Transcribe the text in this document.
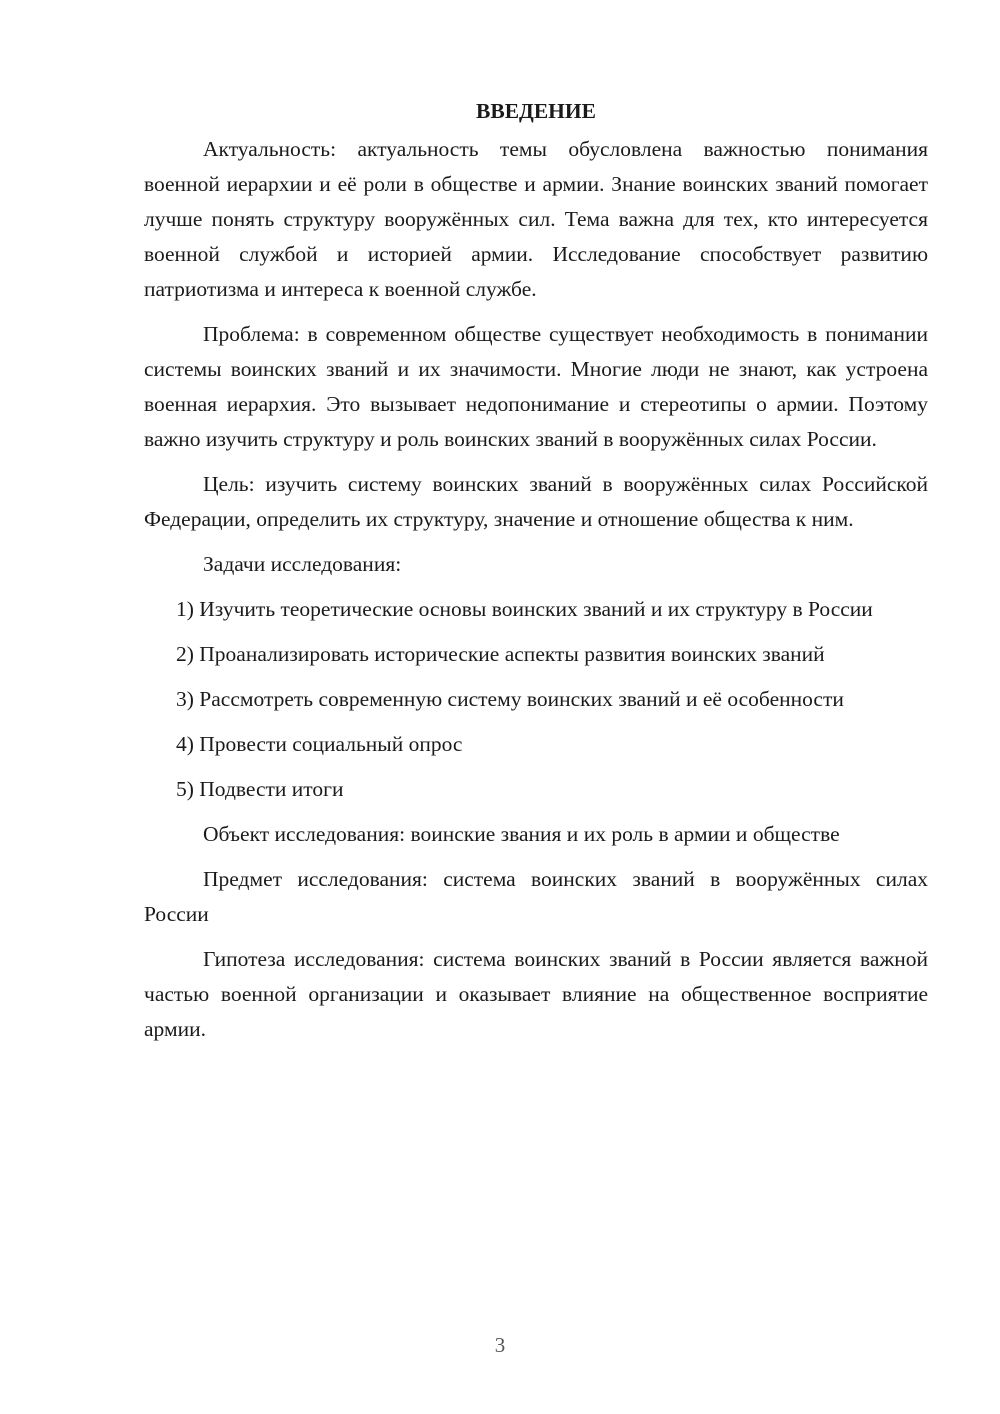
ВВЕДЕНИЕ

Актуальность: актуальность темы обусловлена важностью понимания военной иерархии и её роли в обществе и армии. Знание воинских званий помогает лучше понять структуру вооружённых сил. Тема важна для тех, кто интересуется военной службой и историей армии. Исследование способствует развитию патриотизма и интереса к военной службе.

Проблема: в современном обществе существует необходимость в понимании системы воинских званий и их значимости. Многие люди не знают, как устроена военная иерархия. Это вызывает недопонимание и стереотипы о армии. Поэтому важно изучить структуру и роль воинских званий в вооружённых силах России.

Цель: изучить систему воинских званий в вооружённых силах Российской Федерации, определить их структуру, значение и отношение общества к ним.

Задачи исследования:

1) Изучить теоретические основы воинских званий и их структуру в России

2) Проанализировать исторические аспекты развития воинских званий

3) Рассмотреть современную систему воинских званий и её особенности

4) Провести социальный опрос

5) Подвести итоги

Объект исследования: воинские звания и их роль в армии и обществе

Предмет исследования: система воинских званий в вооружённых силах России

Гипотеза исследования: система воинских званий в России является важной частью военной организации и оказывает влияние на общественное восприятие армии.

3
